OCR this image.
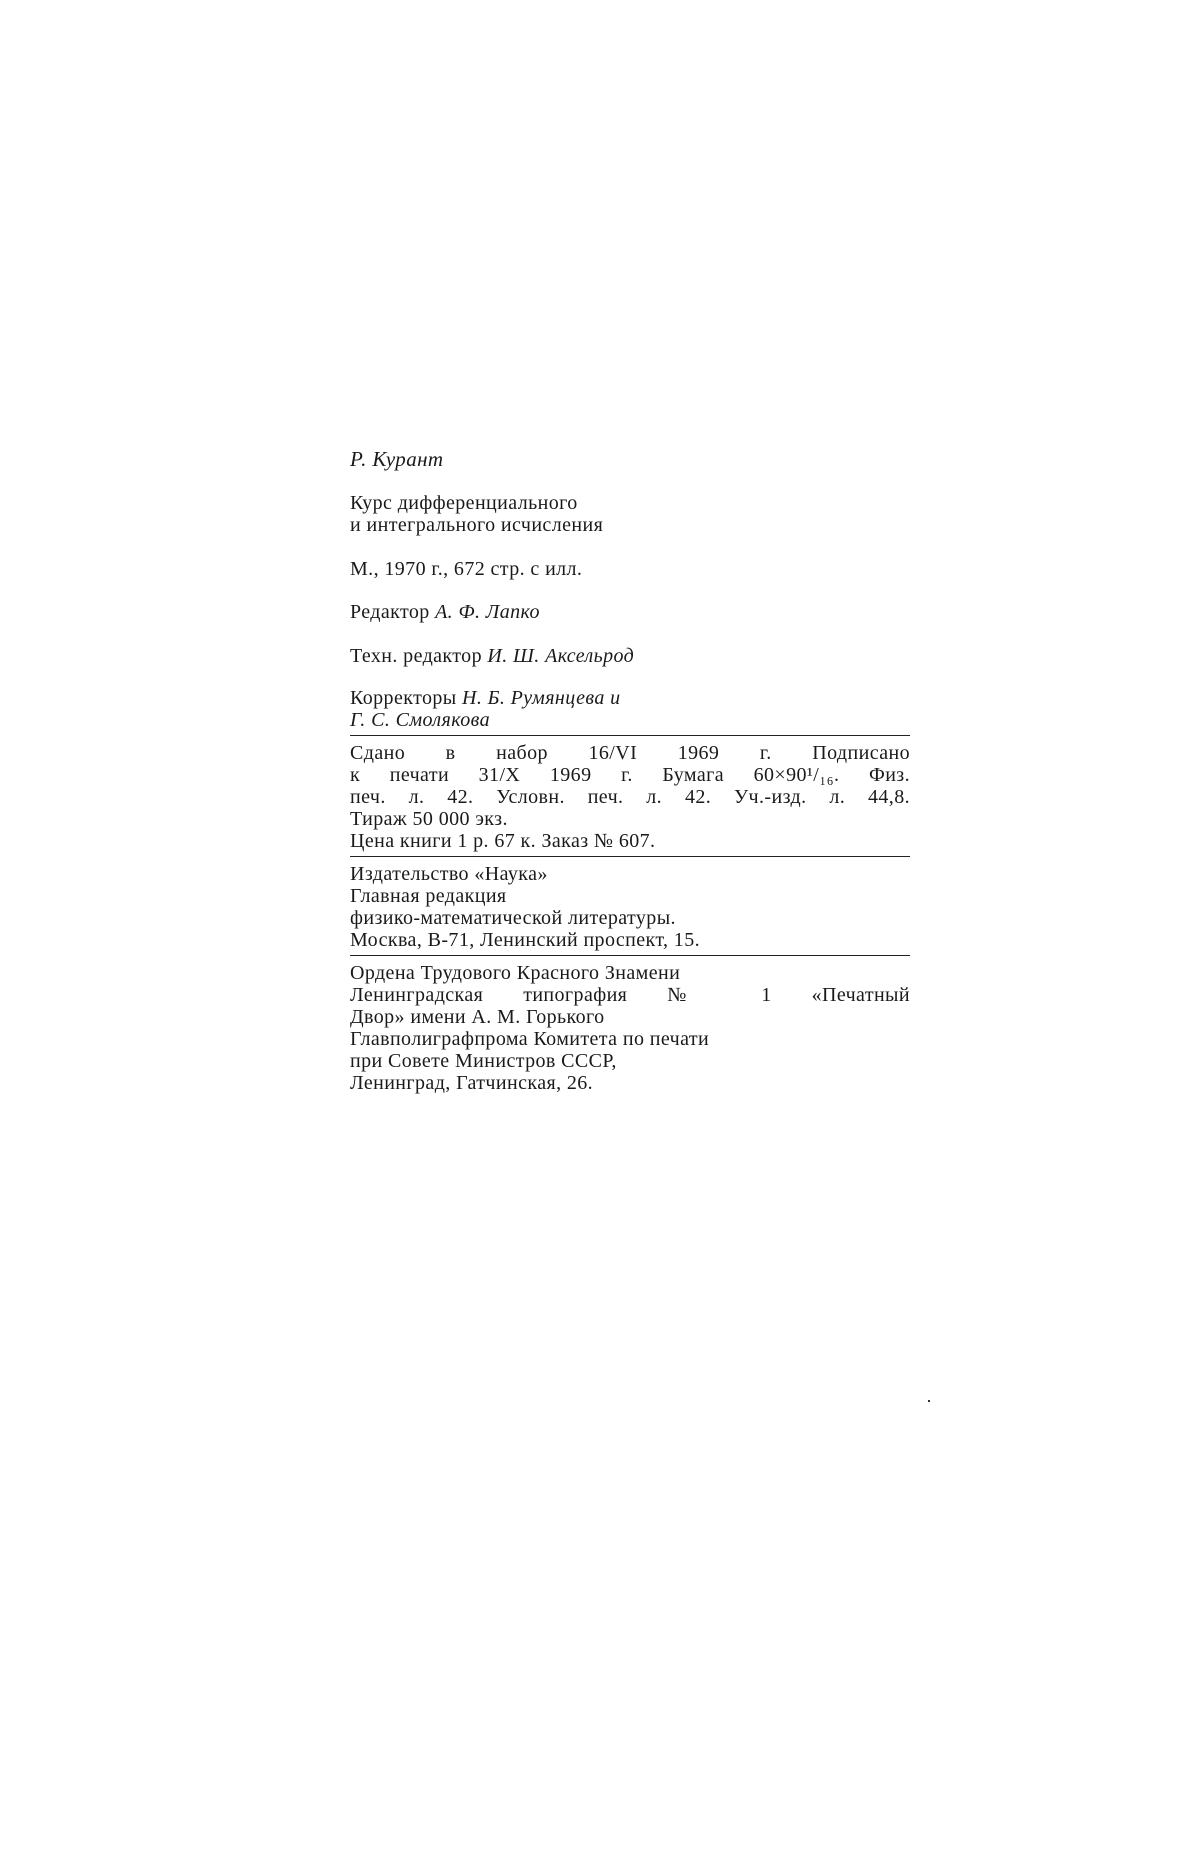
Р. Курант
Курс дифференциального
и интегрального исчисления
М., 1970 г., 672 стр. с илл.
Редактор А. Ф. Лапко
Техн. редактор И. Ш. Аксельрод
Корректоры Н. Б. Румянцева и
Г. С. Смолякова
Сдано в набор 16/VI 1969 г. Подписано
к печати 31/X 1969 г. Бумага 60×90¹/₁₆. Физ.
печ. л. 42. Условн. печ. л. 42. Уч.-изд. л. 44,8.
Тираж 50 000 экз.
Цена книги 1 р. 67 к. Заказ № 607.
Издательство «Наука»
Главная редакция
физико-математической литературы.
Москва, В-71, Ленинский проспект, 15.
Ордена Трудового Красного Знамени
Ленинградская типография № 1 «Печатный
Двор» имени А. М. Горького
Главполиграфпрома Комитета по печати
при Совете Министров СССР,
Ленинград, Гатчинская, 26.
